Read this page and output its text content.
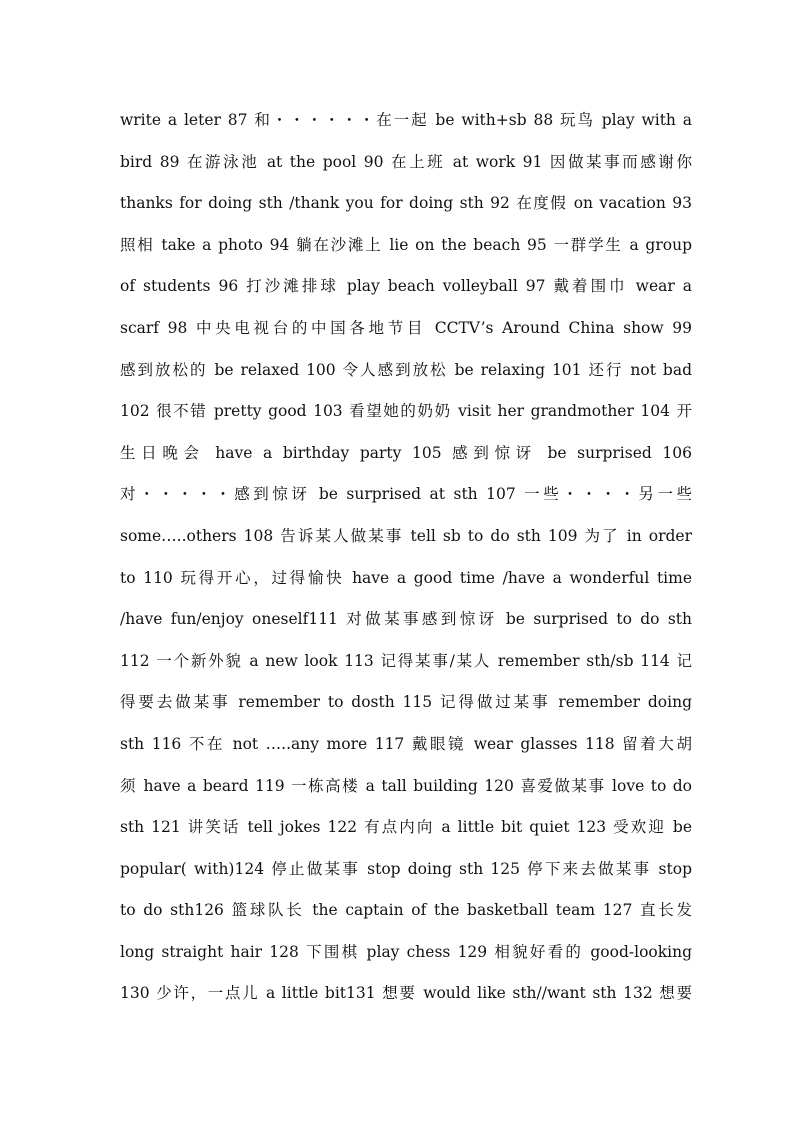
write a leter 87 和・・・・・・在一起 be with+sb 88 玩鸟 play with a
bird 89 在游泳池 at the pool 90 在上班 at work 91 因做某事而感谢你
thanks for doing sth /thank you for doing sth 92 在度假 on vacation 93
照相 take a photo 94 躺在沙滩上 lie on the beach 95 一群学生 a group
of students 96 打沙滩排球 play beach volleyball 97 戴着围巾 wear a
scarf 98 中央电视台的中国各地节目 CCTV’s Around China show 99
感到放松的 be relaxed 100 令人感到放松 be relaxing 101 还行 not bad
102 很不错 pretty good 103 看望她的奶奶 visit her grandmother 104 开
生日晚会 have a birthday party 105 感到惊讶 be surprised 106
对・・・・・感到惊讶 be surprised at sth 107 一些・・・・另一些
some…..others 108 告诉某人做某事 tell sb to do sth 109 为了 in order
to 110 玩得开心，过得愉快 have a good time /have a wonderful time
/have fun/enjoy oneself111 对做某事感到惊讶 be surprised to do sth
112 一个新外貌 a new look 113 记得某事/某人 remember sth/sb 114 记
得要去做某事 remember to dosth 115 记得做过某事 remember doing
sth 116 不在 not …..any more 117 戴眼镜 wear glasses 118 留着大胡
须 have a beard 119 一栋高楼 a tall building 120 喜爱做某事 love to do
sth 121 讲笑话 tell jokes 122 有点内向 a little bit quiet 123 受欢迎 be
popular( with)124 停止做某事 stop doing sth 125 停下来去做某事 stop
to do sth126 篮球队长 the captain of the basketball team 127 直长发
long straight hair 128 下围棋 play chess 129 相貌好看的 good-looking
130 少许，一点儿 a little bit131 想要 would like sth//want sth 132 想要
